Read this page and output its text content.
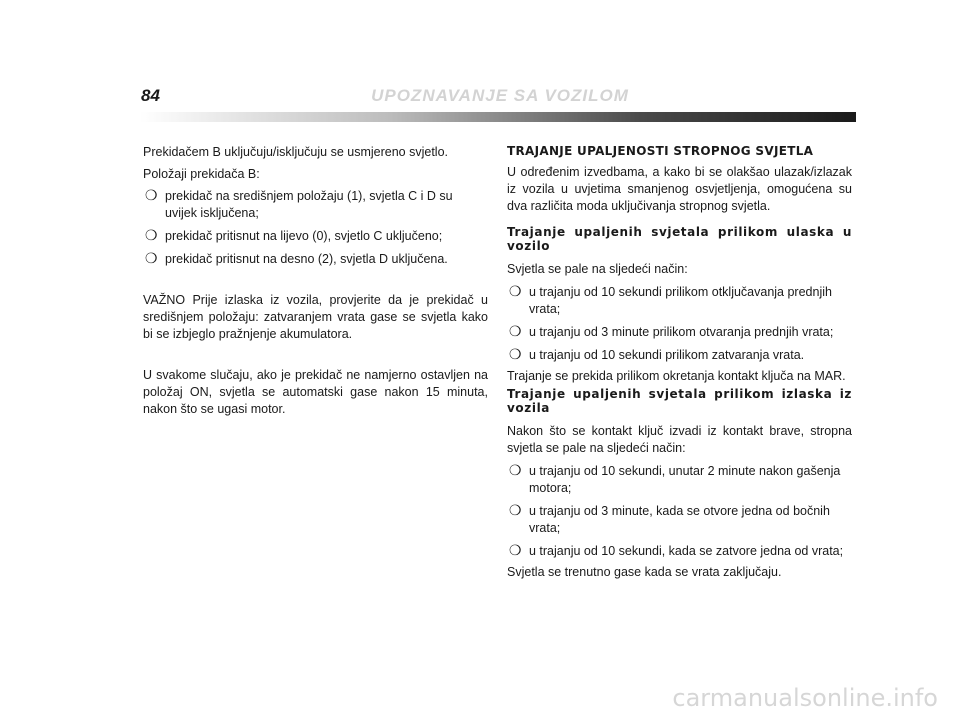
84	UPOZNAVANJE SA VOZILOM

Prekidačem B uključuju/isključuju se usmjereno svjetlo.

Položaji prekidača B:

❍ prekidač na središnjem položaju (1), svjetla C i D su uvijek isključena;
❍ prekidač pritisnut na lijevo (0), svjetlo C uključeno;
❍ prekidač pritisnut na desno (2), svjetla D uključena.

VAŽNO Prije izlaska iz vozila, provjerite da je prekidač u središnjem položaju: zatvaranjem vrata gase se svjetla kako bi se izbjeglo pražnjenje akumulatora.

U svakome slučaju, ako je prekidač ne namjerno ostavljen na položaj ON, svjetla se automatski gase nakon 15 minuta, nakon što se ugasi motor.

TRAJANJE UPALJENOSTI STROPNOG SVJETLA

U određenim izvedbama, a kako bi se olakšao ulazak/izlazak iz vozila u uvjetima smanjenog osvjetljenja, omogućena su dva različita moda uključivanja stropnog svjetla.

Trajanje upaljenih svjetala prilikom ulaska u vozilo

Svjetla se pale na sljedeći način:

❍ u trajanju od 10 sekundi prilikom otključavanja prednjih vrata;
❍ u trajanju od 3 minute prilikom otvaranja prednjih vrata;
❍ u trajanju od 10 sekundi prilikom zatvaranja vrata.

Trajanje se prekida prilikom okretanja kontakt ključa na MAR.

Trajanje upaljenih svjetala prilikom izlaska iz vozila

Nakon što se kontakt ključ izvadi iz kontakt brave, stropna svjetla se pale na sljedeći način:

❍ u trajanju od 10 sekundi, unutar 2 minute nakon gašenja motora;
❍ u trajanju od 3 minute, kada se otvore jedna od bočnih vrata;
❍ u trajanju od 10 sekundi, kada se zatvore jedna od vrata;

Svjetla se trenutno gase kada se vrata zaključaju.

carmanualsonline.info
